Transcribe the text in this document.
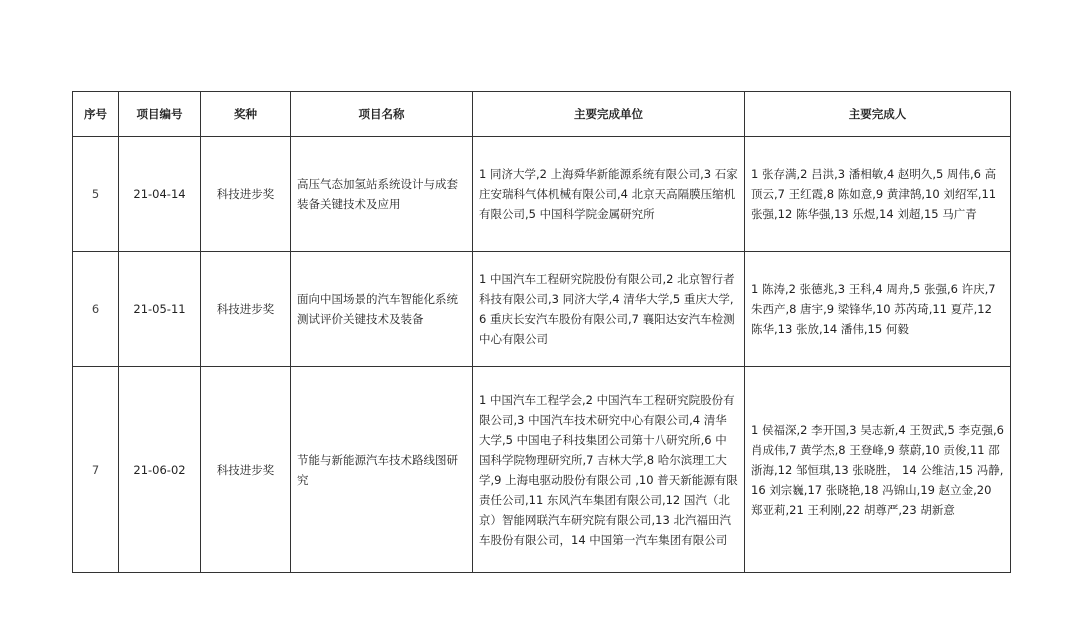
序号	项目编号	奖种	项目名称	主要完成单位	主要完成人
5	21-04-14	科技进步奖	高压气态加氢站系统设计与成套装备关键技术及应用	1 同济大学,2 上海舜华新能源系统有限公司,3 石家庄安瑞科气体机械有限公司,4 北京天高隔膜压缩机有限公司,5 中国科学院金属研究所	1 张存满,2 吕洪,3 潘相敏,4 赵明久,5 周伟,6 高顶云,7 王红霞,8 陈如意,9 黄津鹄,10 刘绍军,11 张强,12 陈华强,13 乐煜,14 刘超,15 马广青

6	21-05-11	科技进步奖	面向中国场景的汽车智能化系统测试评价关键技术及装备	1 中国汽车工程研究院股份有限公司,2 北京智行者科技有限公司,3 同济大学,4 清华大学,5 重庆大学,6 重庆长安汽车股份有限公司,7 襄阳达安汽车检测中心有限公司	1 陈涛,2 张德兆,3 王科,4 周舟,5 张强,6 许庆,7 朱西产,8 唐宇,9 梁锋华,10 苏芮琦,11 夏芹,12 陈华,13 张放,14 潘伟,15 何毅

7	21-06-02	科技进步奖	节能与新能源汽车技术路线图研究	1 中国汽车工程学会,2 中国汽车工程研究院股份有限公司,3 中国汽车技术研究中心有限公司,4 清华大学,5 中国电子科技集团公司第十八研究所,6 中国科学院物理研究所,7 吉林大学,8 哈尔滨理工大学,9 上海电驱动股份有限公司 ,10 普天新能源有限责任公司,11 东风汽车集团有限公司,12 国汽（北京）智能网联汽车研究院有限公司,13 北汽福田汽车股份有限公司，14 中国第一汽车集团有限公司	1 侯福深,2 李开国,3 吴志新,4 王贺武,5 李克强,6 肖成伟,7 黄学杰,8 王登峰,9 蔡蔚,10 贡俊,11 邵浙海,12 邹恒琪,13 张晓胜， 14 公维洁,15 冯静,16 刘宗巍,17 张晓艳,18 冯锦山,19 赵立金,20 郑亚莉,21 王利刚,22 胡尊严,23 胡新意
